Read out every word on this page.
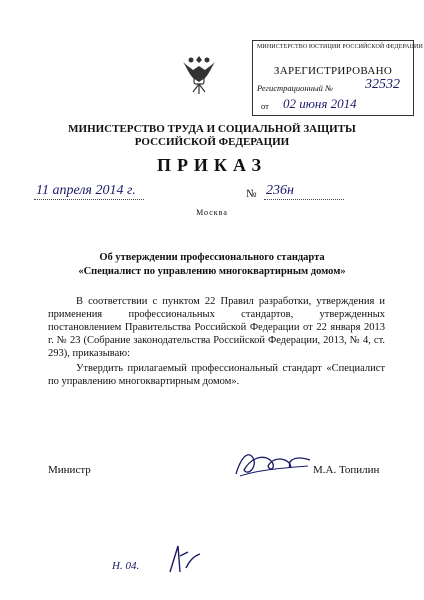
МИНИСТЕРСТВО ЮСТИЦИИ РОССИЙСКОЙ ФЕДЕРАЦИИ
ЗАРЕГИСТРИРОВАНО
Регистрационный №	32532
от	02 июня 2014
МИНИСТЕРСТВО ТРУДА И СОЦИАЛЬНОЙ ЗАЩИТЫ
РОССИЙСКОЙ ФЕДЕРАЦИИ
ПРИКАЗ
11 апреля 2014 г.	№ 236н
Москва
Об утверждении профессионального стандарта
«Специалист по управлению многоквартирным домом»
В соответствии с пунктом 22 Правил разработки, утверждения и применения профессиональных стандартов, утвержденных постановлением Правительства Российской Федерации от 22 января 2013 г. № 23 (Собрание законодательства Российской Федерации, 2013, № 4, ст. 293), приказываю:
Утвердить прилагаемый профессиональный стандарт «Специалист по управлению многоквартирным домом».
Министр	М.А. Топилин
Н. 04.
